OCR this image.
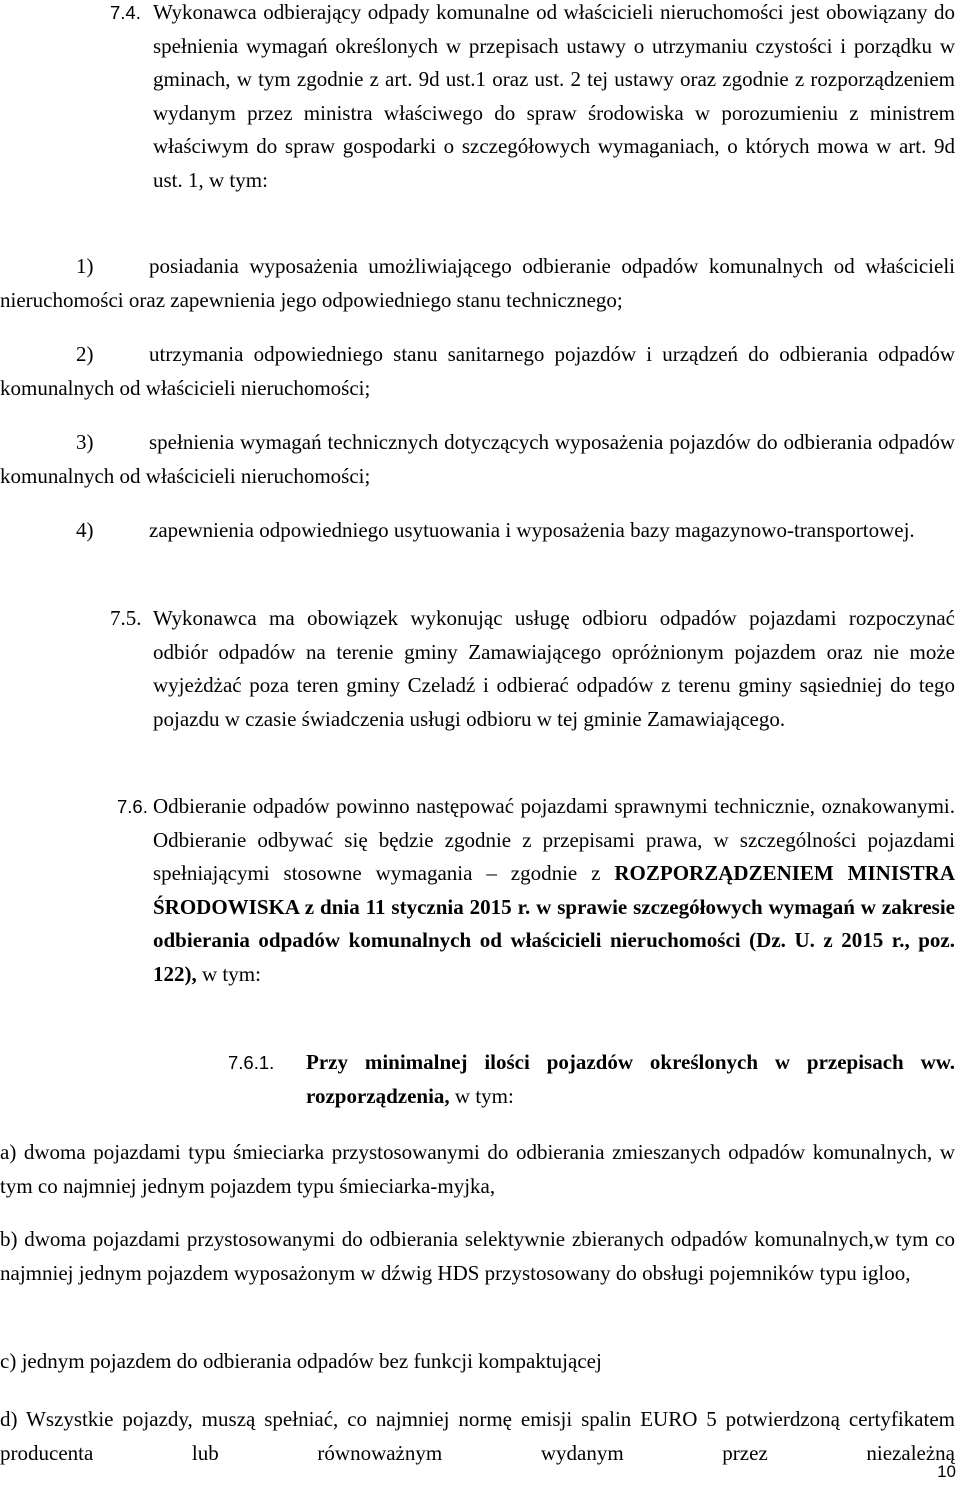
7.4. Wykonawca odbierający odpady komunalne od właścicieli nieruchomości jest obowiązany do spełnienia wymagań określonych w przepisach ustawy o utrzymaniu czystości i porządku w gminach, w tym zgodnie z art. 9d ust.1 oraz ust. 2 tej ustawy oraz zgodnie z rozporządzeniem wydanym przez ministra właściwego do spraw środowiska w porozumieniu z ministrem właściwym do spraw gospodarki o szczegółowych wymaganiach, o których mowa w art. 9d ust. 1, w tym:

1)	posiadania wyposażenia umożliwiającego odbieranie odpadów komunalnych od właścicieli nieruchomości oraz zapewnienia jego odpowiedniego stanu technicznego;

2)	utrzymania odpowiedniego stanu sanitarnego pojazdów i urządzeń do odbierania odpadów komunalnych od właścicieli nieruchomości;

3)	spełnienia wymagań technicznych dotyczących wyposażenia pojazdów do odbierania odpadów komunalnych od właścicieli nieruchomości;

4)	zapewnienia odpowiedniego usytuowania i wyposażenia bazy magazynowo-transportowej.

7.5. Wykonawca ma obowiązek wykonując usługę odbioru odpadów pojazdami rozpoczynać odbiór odpadów na terenie gminy Zamawiającego opróżnionym pojazdem oraz nie może wyjeżdżać poza teren gminy Czeladź i odbierać odpadów z terenu gminy sąsiedniej do tego pojazdu w czasie świadczenia usługi odbioru w tej gminie Zamawiającego.

7.6. Odbieranie odpadów powinno następować pojazdami sprawnymi technicznie, oznakowanymi. Odbieranie odbywać się będzie zgodnie z przepisami prawa, w szczególności pojazdami spełniającymi stosowne wymagania – zgodnie z ROZPORZĄDZENIEM MINISTRA ŚRODOWISKA z dnia 11 stycznia 2015 r. w sprawie szczegółowych wymagań w zakresie odbierania odpadów komunalnych od właścicieli nieruchomości (Dz. U. z 2015 r., poz. 122), w tym:

7.6.1. Przy minimalnej ilości pojazdów określonych w przepisach ww. rozporządzenia, w tym:

a) dwoma pojazdami typu śmieciarka przystosowanymi do odbierania zmieszanych odpadów komunalnych, w tym co najmniej jednym pojazdem typu śmieciarka-myjka,

b) dwoma pojazdami przystosowanymi do odbierania selektywnie zbieranych odpadów komunalnych,w tym co najmniej jednym pojazdem wyposażonym w dźwig HDS przystosowany do obsługi pojemników typu igloo,

c) jednym pojazdem do odbierania odpadów bez funkcji kompaktującej

d) Wszystkie pojazdy, muszą spełniać, co najmniej normę emisji spalin EURO 5 potwierdzoną certyfikatem producenta lub równoważnym wydanym przez niezależną

10
